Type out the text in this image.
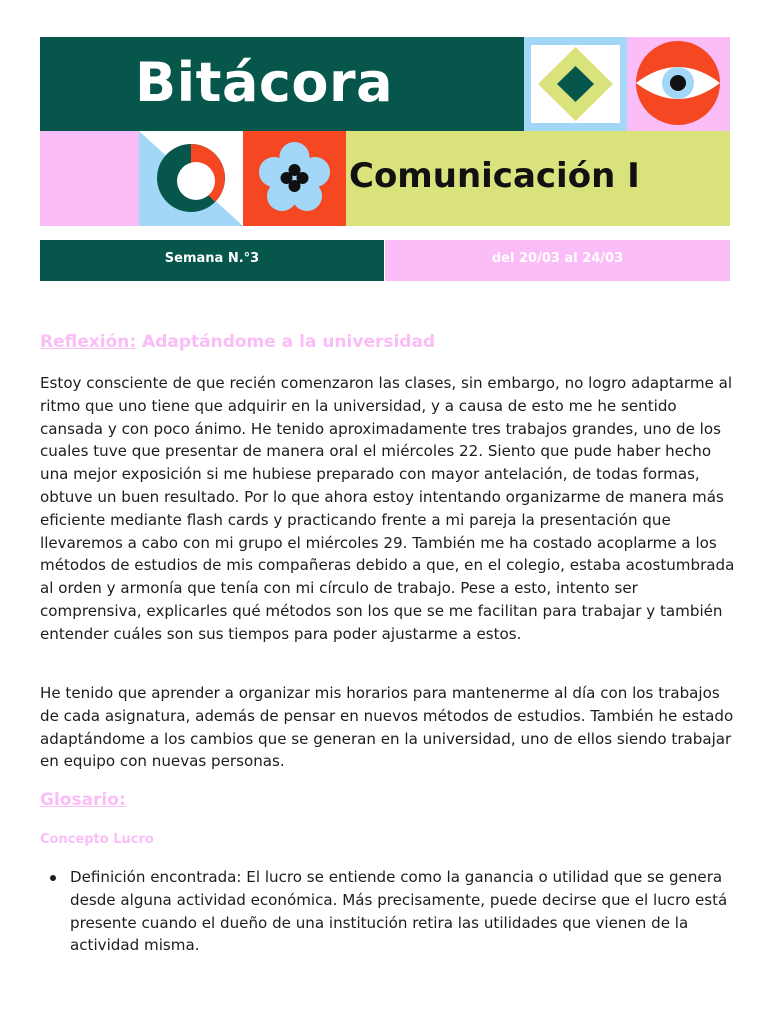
Bitácora
Comunicación I
Semana N.°3	del 20/03 al 24/03
Reflexión: Adaptándome a la universidad
Estoy consciente de que recién comenzaron las clases, sin embargo, no logro adaptarme al ritmo que uno tiene que adquirir en la universidad, y a causa de esto me he sentido cansada y con poco ánimo. He tenido aproximadamente tres trabajos grandes, uno de los cuales tuve que presentar de manera oral el miércoles 22. Siento que pude haber hecho una mejor exposición si me hubiese preparado con mayor antelación, de todas formas, obtuve un buen resultado. Por lo que ahora estoy intentando organizarme de manera más eficiente mediante flash cards y practicando frente a mi pareja la presentación que llevaremos a cabo con mi grupo el miércoles 29. También me ha costado acoplarme a los métodos de estudios de mis compañeras debido a que, en el colegio, estaba acostumbrada al orden y armonía que tenía con mi círculo de trabajo. Pese a esto, intento ser comprensiva, explicarles qué métodos son los que se me facilitan para trabajar y también entender cuáles son sus tiempos para poder ajustarme a estos.
He tenido que aprender a organizar mis horarios para mantenerme al día con los trabajos de cada asignatura, además de pensar en nuevos métodos de estudios. También he estado adaptándome a los cambios que se generan en la universidad, uno de ellos siendo trabajar en equipo con nuevas personas.
Glosario:
Concepto Lucro
Definición encontrada: El lucro se entiende como la ganancia o utilidad que se genera desde alguna actividad económica. Más precisamente, puede decirse que el lucro está presente cuando el dueño de una institución retira las utilidades que vienen de la actividad misma.
